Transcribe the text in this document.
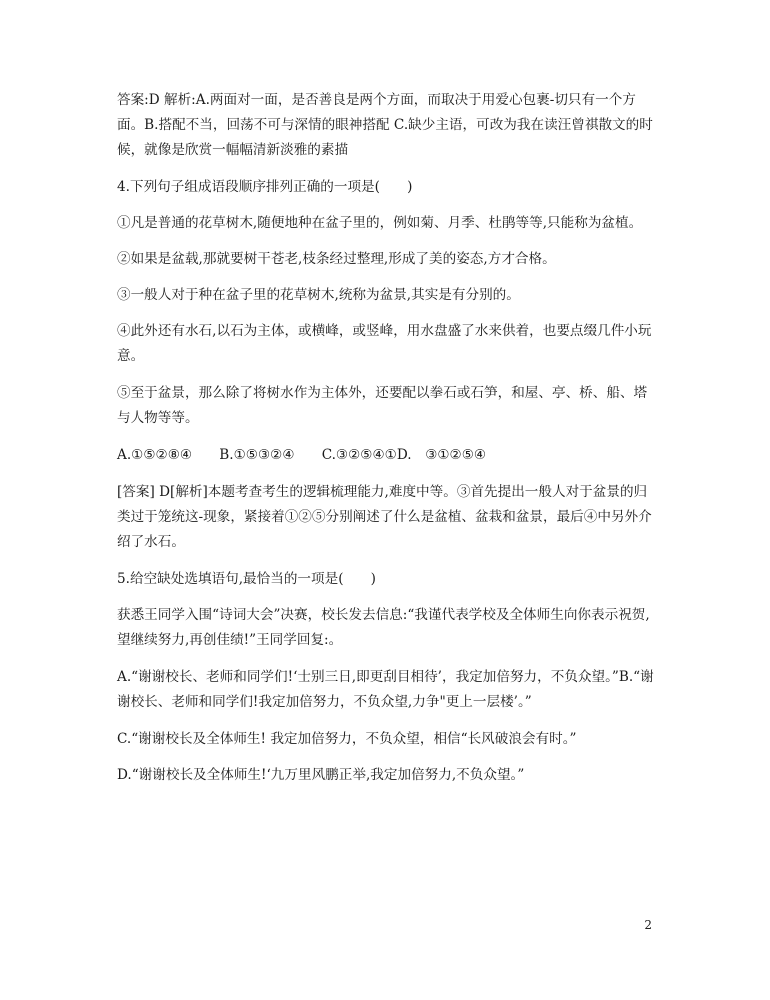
答案:D 解析:A.两面对一面，是否善良是两个方面，而取决于用爱心包裹-切只有一个方面。B.搭配不当，回荡不可与深情的眼神搭配 C.缺少主语，可改为我在读汪曾祺散文的时候，就像是欣赏一幅幅清新淡雅的素描

4.下列句子组成语段顺序排列正确的一项是(　　)

①凡是普通的花草树木,随便地种在盆子里的，例如菊、月季、杜鹃等等,只能称为盆植。

②如果是盆载,那就要树干苍老,枝条经过整理,形成了美的姿态,方才合格。

③一般人对于种在盆子里的花草树木,统称为盆景,其实是有分别的。

④此外还有水石,以石为主体，或横峰，或竖峰，用水盘盛了水来供着，也要点缀几件小玩意。

⑤至于盆景，那么除了将树水作为主体外，还要配以拳石或石笋，和屋、亭、桥、船、塔与人物等等。

A.①⑤②⑧④　　B.①⑤③②④　　C.③②⑤④①D.　③①②⑤④

[答案] D[解析]本题考查考生的逻辑梳理能力,难度中等。③首先提出一般人对于盆景的归类过于笼统这-现象，紧接着①②⑤分别阐述了什么是盆植、盆栽和盆景，最后④中另外介绍了水石。

5.给空缺处选填语句,最恰当的一项是(　　)

获悉王同学入围“诗词大会”决赛，校长发去信息:“我谨代表学校及全体师生向你表示祝贺,望继续努力,再创佳绩!”王同学回复:。

A.“谢谢校长、老师和同学们!‘士别三日,即更刮目相待’，我定加倍努力，不负众望。”B.“谢谢校长、老师和同学们!我定加倍努力，不负众望,力争"更上一层楼’。”

C.“谢谢校长及全体师生! 我定加倍努力，不负众望，相信“长风破浪会有时。”

D.“谢谢校长及全体师生!‘九万里风鹏正举,我定加倍努力,不负众望。”

2
